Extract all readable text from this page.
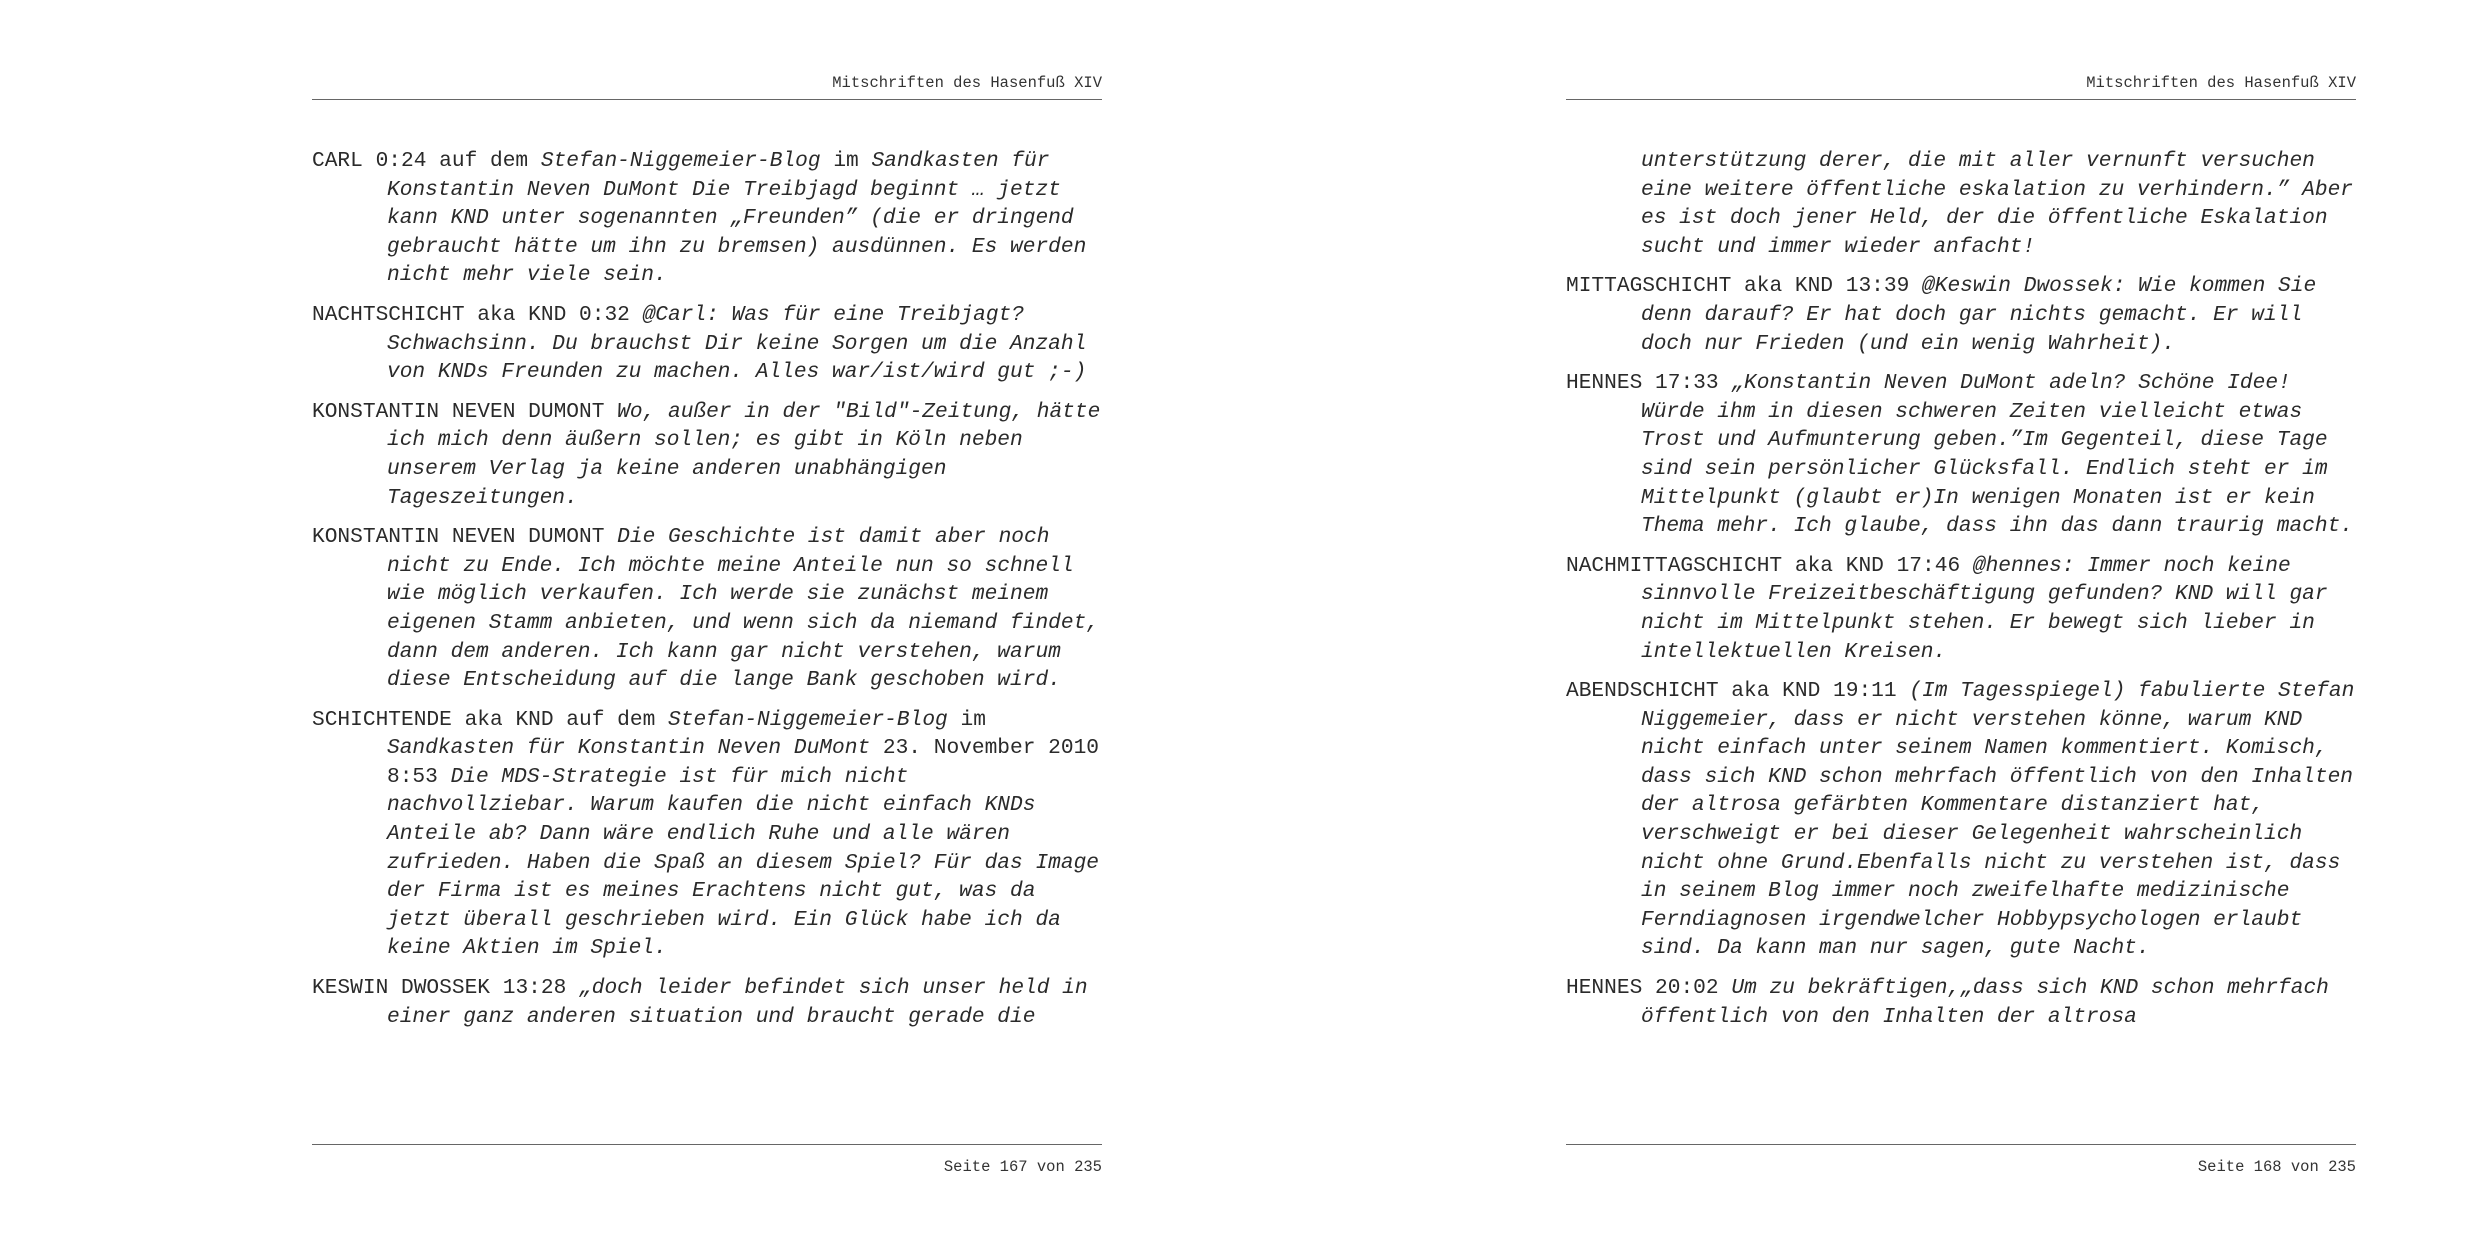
Mitschriften des Hasenfuß XIV

CARL 0:24 auf dem Stefan-Niggemeier-Blog im Sandkasten für Konstantin Neven DuMont Die Treibjagd beginnt … jetzt kann KND unter sogenannten „Freunden” (die er dringend gebraucht hätte um ihn zu bremsen) ausdünnen. Es werden nicht mehr viele sein.

NACHTSCHICHT aka KND 0:32 @Carl: Was für eine Treibjagt? Schwachsinn. Du brauchst Dir keine Sorgen um die Anzahl von KNDs Freunden zu machen. Alles war/ist/wird gut ;-)

KONSTANTIN NEVEN DUMONT Wo, außer in der "Bild"-Zeitung, hätte ich mich denn äußern sollen; es gibt in Köln neben unserem Verlag ja keine anderen unabhängigen Tageszeitungen.

KONSTANTIN NEVEN DUMONT Die Geschichte ist damit aber noch nicht zu Ende. Ich möchte meine Anteile nun so schnell wie möglich verkaufen. Ich werde sie zunächst meinem eigenen Stamm anbieten, und wenn sich da niemand findet, dann dem anderen. Ich kann gar nicht verstehen, warum diese Entscheidung auf die lange Bank geschoben wird.

SCHICHTENDE aka KND auf dem Stefan-Niggemeier-Blog im Sandkasten für Konstantin Neven DuMont 23. November 2010 8:53 Die MDS-Strategie ist für mich nicht nachvollziebar. Warum kaufen die nicht einfach KNDs Anteile ab? Dann wäre endlich Ruhe und alle wären zufrieden. Haben die Spaß an diesem Spiel? Für das Image der Firma ist es meines Erachtens nicht gut, was da jetzt überall geschrieben wird. Ein Glück habe ich da keine Aktien im Spiel.

KESWIN DWOSSEK 13:28 „doch leider befindet sich unser held in einer ganz anderen situation und braucht gerade die

Seite 167 von 235
Mitschriften des Hasenfuß XIV

unterstützung derer, die mit aller vernunft versuchen eine weitere öffentliche eskalation zu verhindern.” Aber es ist doch jener Held, der die öffentliche Eskalation sucht und immer wieder anfacht!

MITTAGSCHICHT aka KND 13:39 @Keswin Dwossek: Wie kommen Sie denn darauf? Er hat doch gar nichts gemacht. Er will doch nur Frieden (und ein wenig Wahrheit).

HENNES 17:33 „Konstantin Neven DuMont adeln? Schöne Idee! Würde ihm in diesen schweren Zeiten vielleicht etwas Trost und Aufmunterung geben.”Im Gegenteil, diese Tage sind sein persönlicher Glücksfall. Endlich steht er im Mittelpunkt (glaubt er)In wenigen Monaten ist er kein Thema mehr. Ich glaube, dass ihn das dann traurig macht.

NACHMITTAGSCHICHT aka KND 17:46 @hennes: Immer noch keine sinnvolle Freizeitbeschäftigung gefunden? KND will gar nicht im Mittelpunkt stehen. Er bewegt sich lieber in intellektuellen Kreisen.

ABENDSCHICHT aka KND 19:11 (Im Tagesspiegel) fabulierte Stefan Niggemeier, dass er nicht verstehen könne, warum KND nicht einfach unter seinem Namen kommentiert. Komisch, dass sich KND schon mehrfach öffentlich von den Inhalten der altrosa gefärbten Kommentare distanziert hat, verschweigt er bei dieser Gelegenheit wahrscheinlich nicht ohne Grund.Ebenfalls nicht zu verstehen ist, dass in seinem Blog immer noch zweifelhafte medizinische Ferndiagnosen irgendwelcher Hobbypsychologen erlaubt sind. Da kann man nur sagen, gute Nacht.

HENNES 20:02 Um zu bekräftigen,„dass sich KND schon mehrfach öffentlich von den Inhalten der altrosa

Seite 168 von 235
